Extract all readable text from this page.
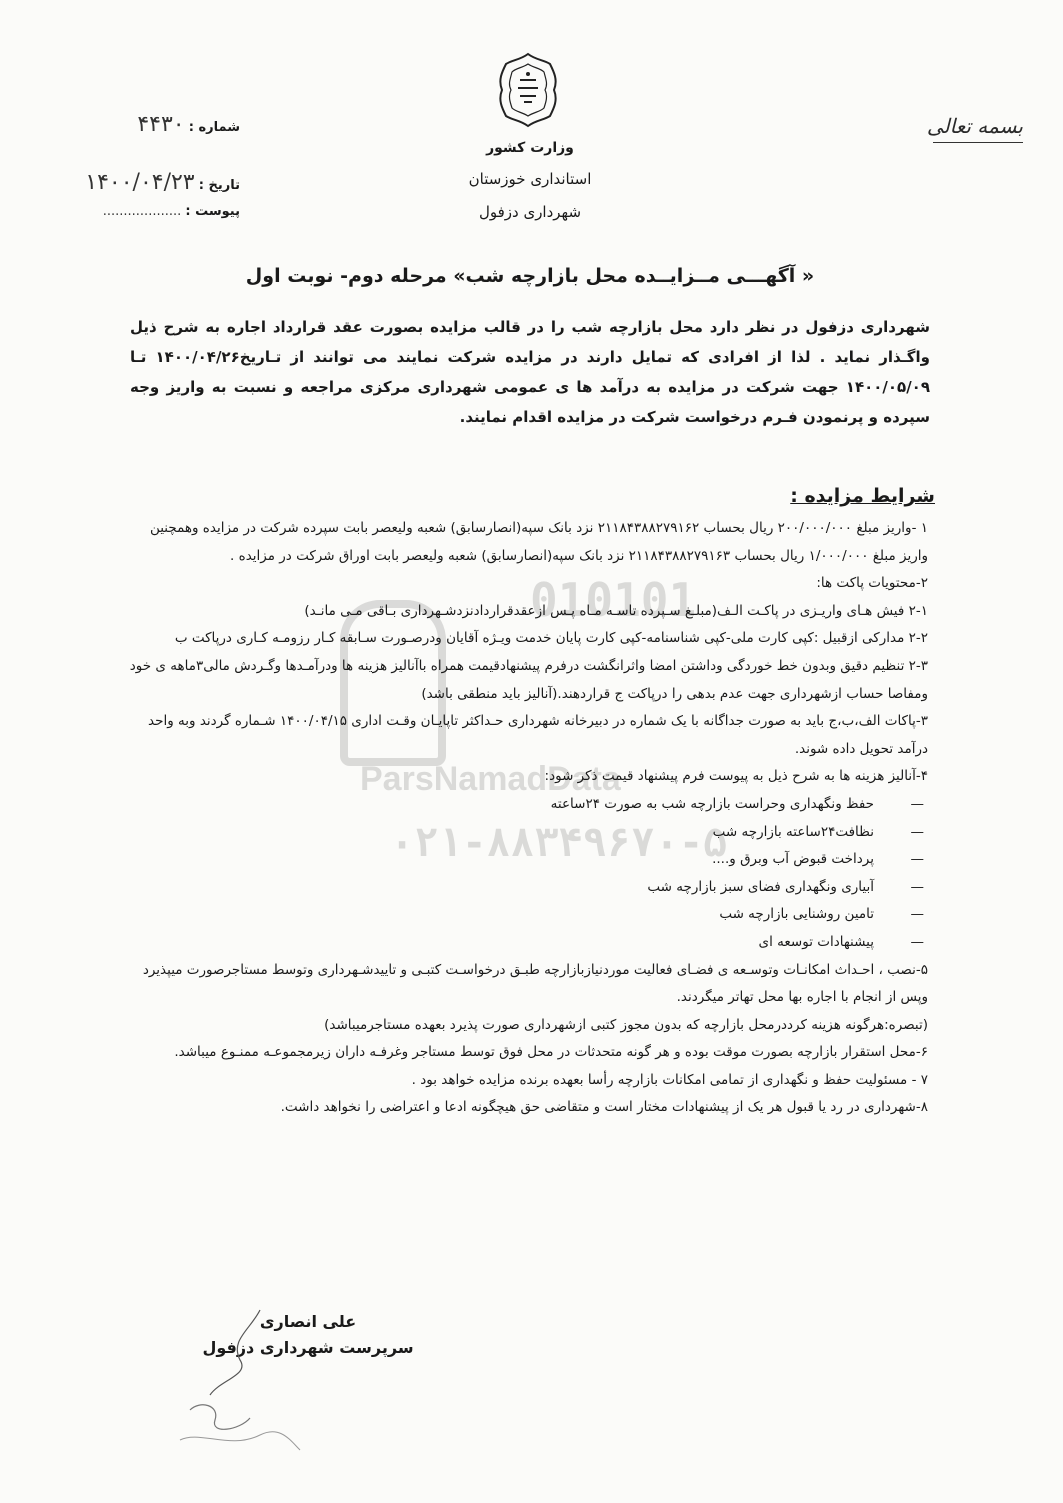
وزارت کشور
استانداری خوزستان
شهرداری دزفول
بسمه تعالی
شماره : ۴۴۳۰
تاریخ : ۱۴۰۰/۰۴/۲۳
پیوست : ...................
010101
ParsNamadData
۰۲۱-۸۸۳۴۹۶۷۰-۵
« آگهـــی مــزایــده محل بازارچه شب» مرحله دوم- نوبت اول
شهرداری دزفول در نظر دارد محل بازارچه شب را در قالب مزایده بصورت عقد قرارداد اجاره به شرح ذیل واگـذار نماید . لذا از افرادی که تمایل دارند در مزایده شرکت نمایند می توانند از تـاریخ۱۴۰۰/۰۴/۲۶ تـا ۱۴۰۰/۰۵/۰۹ جهت شرکت در مزایده به درآمد ها ی عمومی شهرداری مرکزی مراجعه و نسبت به واریز وجه سپرده و پرنمودن فـرم درخواست شرکت در مزایده اقدام نمایند.
شرایط مزایده :

۱ -واریز مبلغ ۲۰۰/۰۰۰/۰۰۰ ریال بحساب ۲۱۱۸۴۳۸۸۲۷۹۱۶۲ نزد بانک سپه(انصارسابق) شعبه ولیعصر بابت سپرده شرکت در مزایده وهمچنین واریز مبلغ ۱/۰۰۰/۰۰۰ ریال بحساب ۲۱۱۸۴۳۸۸۲۷۹۱۶۳ نزد بانک سپه(انصارسابق) شعبه ولیعصر بابت اوراق شرکت در مزایده .

۲-محتویات پاکت ها:

۲-۱ فیش هـای واریـزی در پاکـت الـف(مبلـغ سـپرده تاسـه مـاه پـس ازعقدقراردادنزدشـهرداری بـاقی مـی مانـد)

۲-۲ مدارکی ازقبیل :کپی کارت ملی-کپی شناسنامه-کپی کارت پایان خدمت ویـژه آقایان ودرصـورت سـابقه کـار رزومـه کـاری درپاکت ب

۲-۳ تنظیم دقیق وبدون خط خوردگی وداشتن امضا واثرانگشت درفرم پیشنهادقیمت همراه باآنالیز هزینه ها ودرآمـدها وگـردش مالی۳ماهه ی خود ومفاصا حساب ازشهرداری جهت عدم بدهی را درپاکت ج قراردهند.(آنالیز باید منطقی باشد)

۳-پاکات الف،ب،ج باید به صورت جداگانه با یک شماره در دبیرخانه شهرداری حـداکثر تاپایـان وقـت اداری ۱۴۰۰/۰۴/۱۵ شـماره گردند وبه واحد درآمد تحویل داده شوند.

۴-آنالیز هزینه ها به شرح ذیل به پیوست فرم پیشنهاد قیمت ذکر شود:

— حفظ ونگهداری وحراست بازارچه شب به صورت ۲۴ساعته
— نظافت۲۴ساعته بازارچه شب
— پرداخت قبوض آب وبرق و....
— آبیاری ونگهداری فضای سبز بازارچه شب
— تامین روشنایی بازارچه شب
— پیشنهادات توسعه ای

۵-نصب ، احـداث امکانـات وتوسـعه ی فضـای فعالیت موردنیازبازارچه طبـق درخواسـت کتبـی و تاییدشـهرداری وتوسط مستاجرصورت میپذیرد وپس از انجام با اجاره بها محل تهاتر میگردند.

(تبصره:هرگونه هزینه کرددرمحل بازارچه که بدون مجوز کتبی ازشهرداری صورت پذیرد بعهده مستاجرمیباشد)

۶-محل استقرار بازارچه بصورت موقت بوده و هر گونه متحدثات در محل فوق توسط مستاجر وغرفـه داران زیرمجموعـه ممنـوع میباشد.

۷ - مسئولیت حفظ و نگهداری از تمامی امکانات بازارچه رأسا بعهده برنده مزایده خواهد بود .

۸-شهرداری در رد یا قبول هر یک از پیشنهادات مختار است و متقاضی حق هیچگونه ادعا و اعتراضی را نخواهد داشت.

علی انصاری
سرپرست شهرداری دزفول
